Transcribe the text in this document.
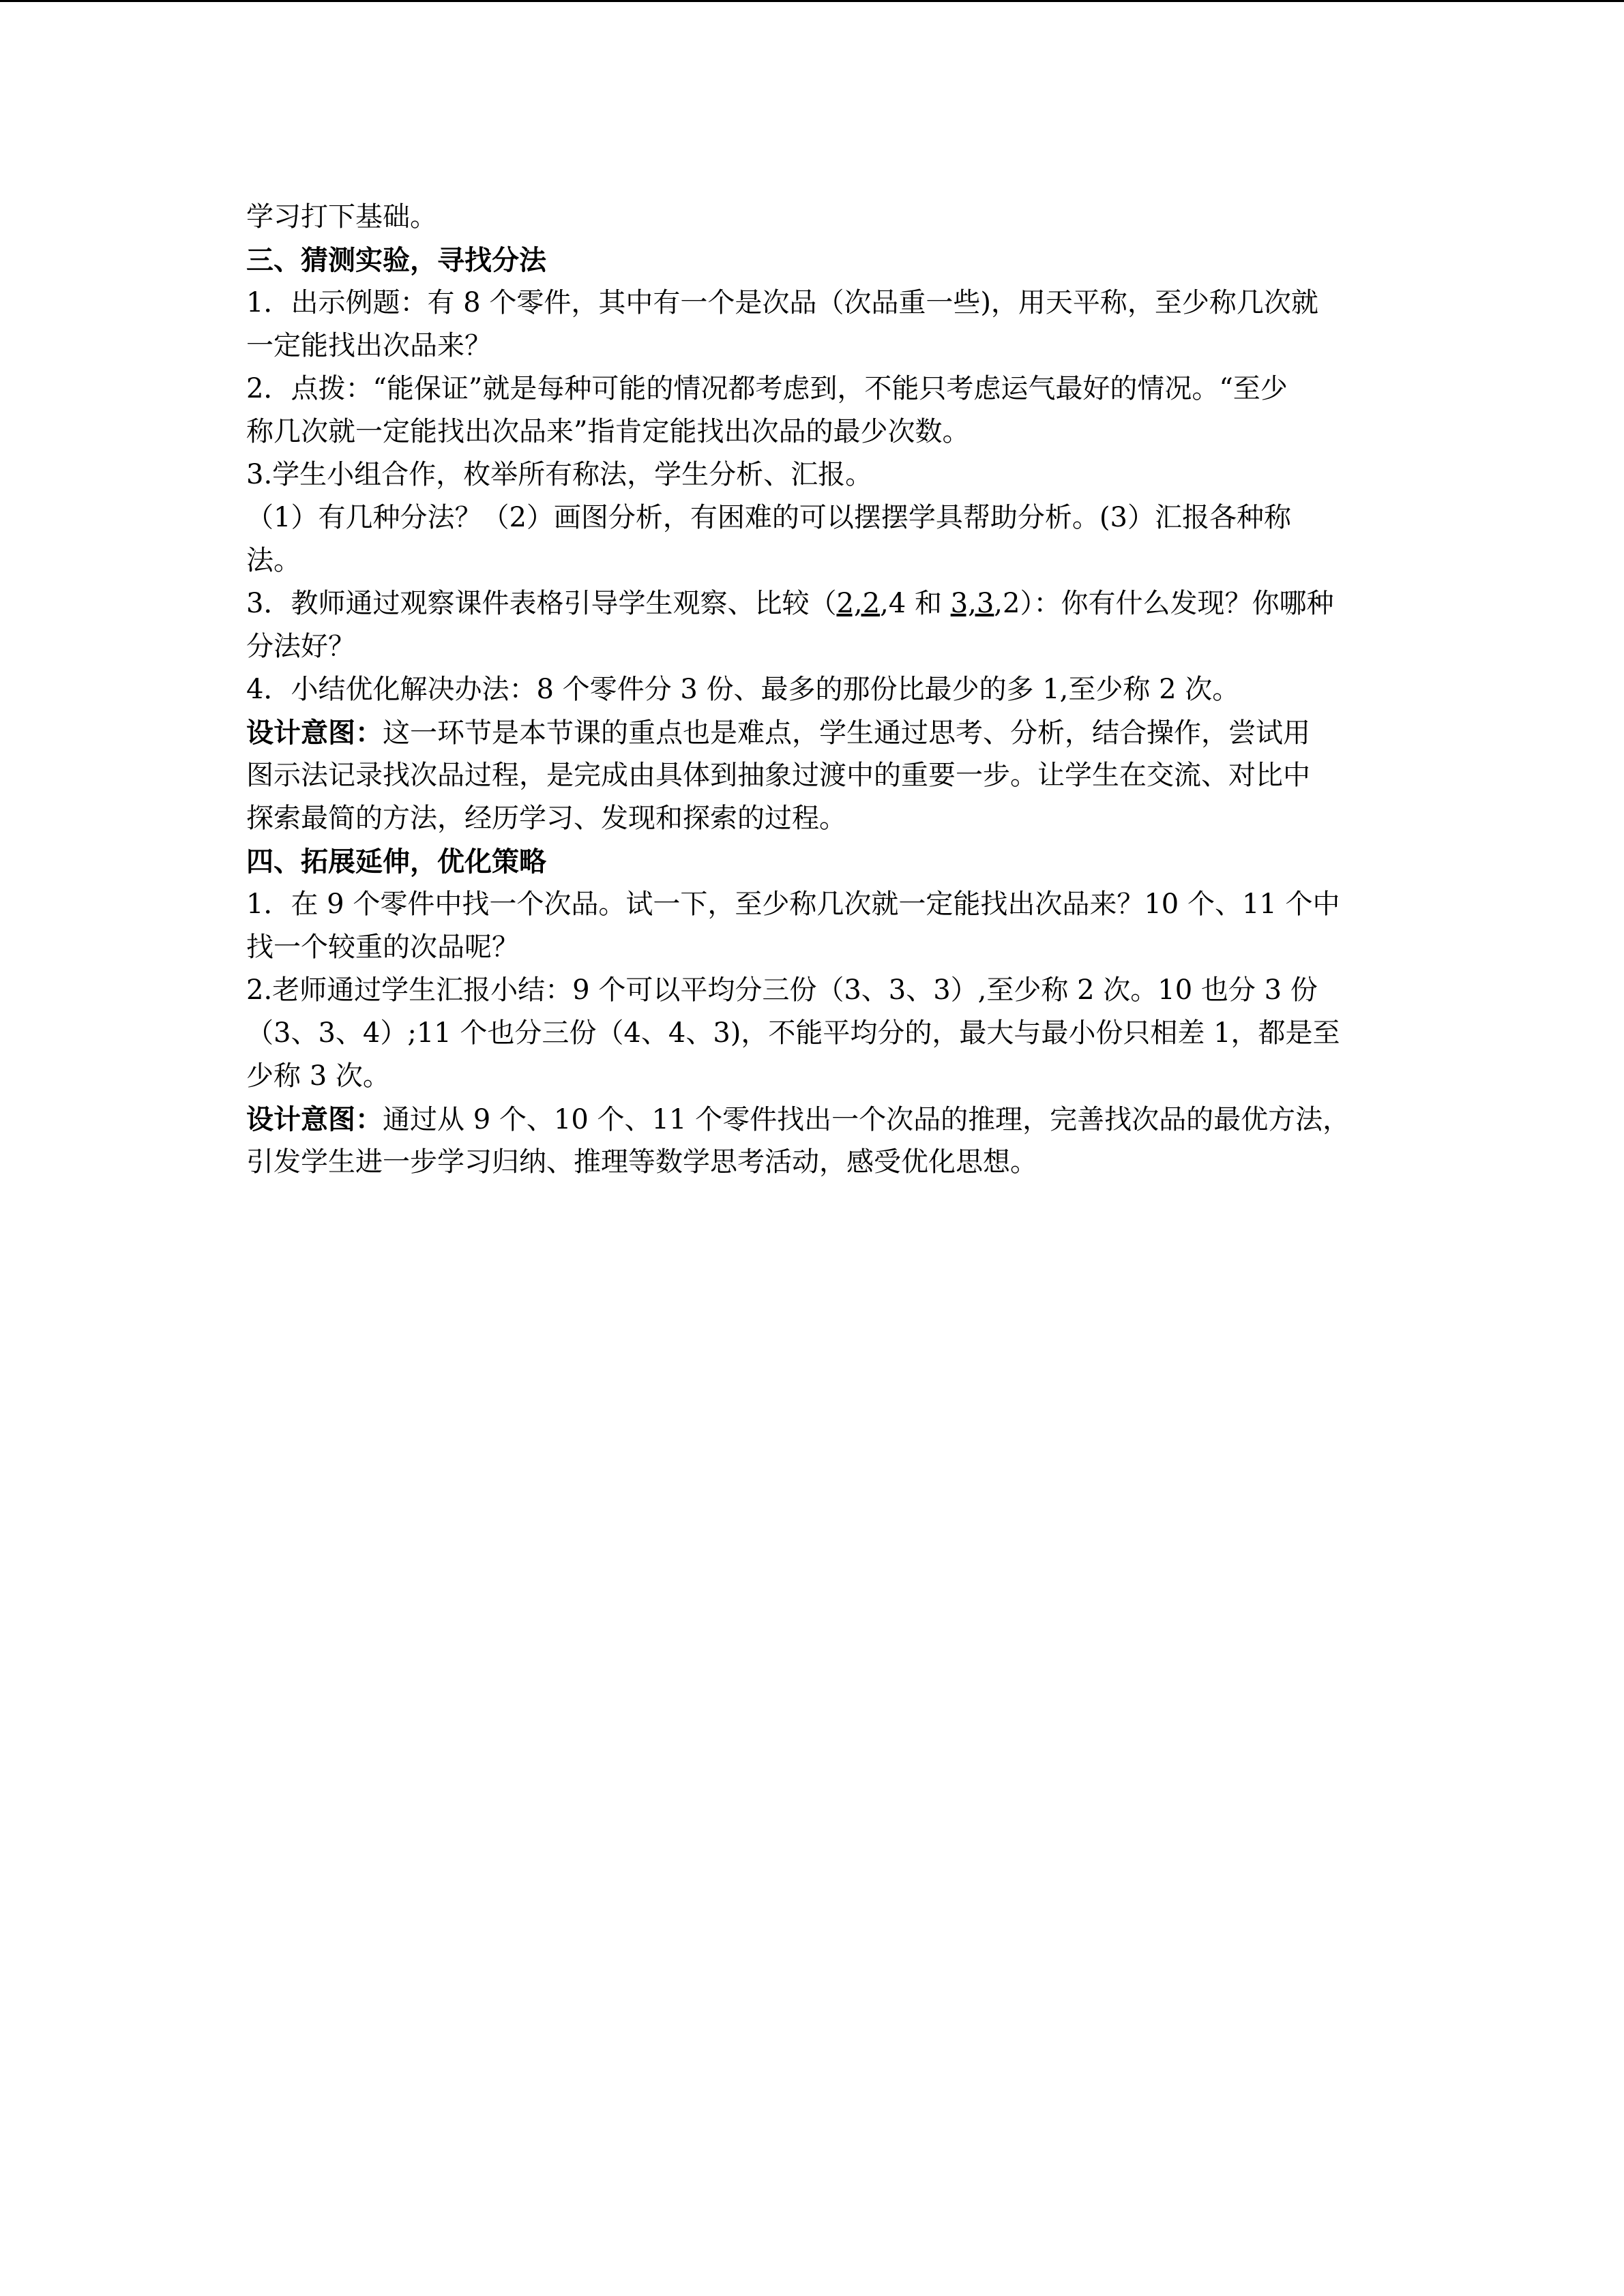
学习打下基础。
三、猜测实验，寻找分法
1．出示例题：有 8 个零件，其中有一个是次品（次品重一些)，用天平称，至少称几次就
一定能找出次品来？
2．点拨：“能保证”就是每种可能的情况都考虑到，不能只考虑运气最好的情况。“至少
称几次就一定能找出次品来”指肯定能找出次品的最少次数。
3.学生小组合作，枚举所有称法，学生分析、汇报。
（1）有几种分法？（2）画图分析，有困难的可以摆摆学具帮助分析。(3）汇报各种称
法。
3．教师通过观察课件表格引导学生观察、比较（2,2,4 和 3,3,2）：你有什么发现？你哪种
分法好？
4．小结优化解决办法：8 个零件分 3 份、最多的那份比最少的多 1,至少称 2 次。
设计意图：这一环节是本节课的重点也是难点，学生通过思考、分析，结合操作，尝试用
图示法记录找次品过程，是完成由具体到抽象过渡中的重要一步。让学生在交流、对比中
探索最简的方法，经历学习、发现和探索的过程。
四、拓展延伸，优化策略
1．在 9 个零件中找一个次品。试一下，至少称几次就一定能找出次品来？10 个、11 个中
找一个较重的次品呢？
2.老师通过学生汇报小结：9 个可以平均分三份（3、3、3）,至少称 2 次。10 也分 3 份
（3、3、4）;11 个也分三份（4、4、3)，不能平均分的，最大与最小份只相差 1，都是至
少称 3 次。
设计意图：通过从 9 个、10 个、11 个零件找出一个次品的推理，完善找次品的最优方法，
引发学生进一步学习归纳、推理等数学思考活动，感受优化思想。
